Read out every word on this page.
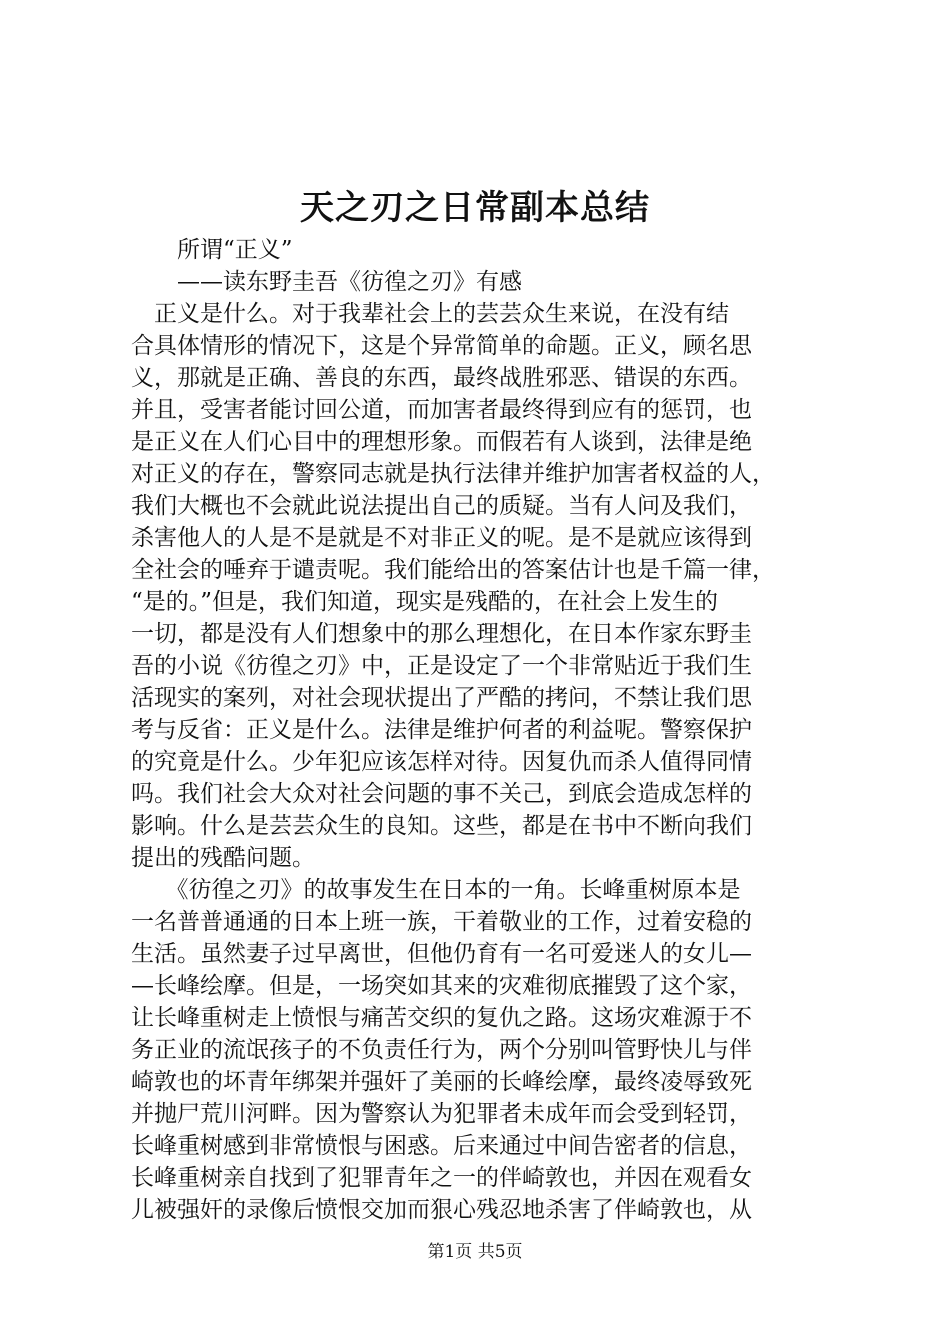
天之刃之日常副本总结
所谓“正义”
——读东野圭吾《彷徨之刃》有感
　正义是什么。对于我辈社会上的芸芸众生来说，在没有结
合具体情形的情况下，这是个异常简单的命题。正义，顾名思
义，那就是正确、善良的东西，最终战胜邪恶、错误的东西。
并且，受害者能讨回公道，而加害者最终得到应有的惩罚，也
是正义在人们心目中的理想形象。而假若有人谈到，法律是绝
对正义的存在，警察同志就是执行法律并维护加害者权益的人，
我们大概也不会就此说法提出自己的质疑。当有人问及我们，
杀害他人的人是不是就是不对非正义的呢。是不是就应该得到
全社会的唾弃于谴责呢。我们能给出的答案估计也是千篇一律，
“是的。”但是，我们知道，现实是残酷的，在社会上发生的
一切，都是没有人们想象中的那么理想化，在日本作家东野圭
吾的小说《彷徨之刃》中，正是设定了一个非常贴近于我们生
活现实的案列，对社会现状提出了严酷的拷问，不禁让我们思
考与反省：正义是什么。法律是维护何者的利益呢。警察保护
的究竟是什么。少年犯应该怎样对待。因复仇而杀人值得同情
吗。我们社会大众对社会问题的事不关己，到底会造成怎样的
影响。什么是芸芸众生的良知。这些，都是在书中不断向我们
提出的残酷问题。
　　《彷徨之刃》的故事发生在日本的一角。长峰重树原本是
一名普普通通的日本上班一族，干着敬业的工作，过着安稳的
生活。虽然妻子过早离世，但他仍育有一名可爱迷人的女儿—
—长峰绘摩。但是，一场突如其来的灾难彻底摧毁了这个家，
让长峰重树走上愤恨与痛苦交织的复仇之路。这场灾难源于不
务正业的流氓孩子的不负责任行为，两个分别叫管野快儿与伴
崎敦也的坏青年绑架并强奸了美丽的长峰绘摩，最终凌辱致死
并抛尸荒川河畔。因为警察认为犯罪者未成年而会受到轻罚，
长峰重树感到非常愤恨与困惑。后来通过中间告密者的信息，
长峰重树亲自找到了犯罪青年之一的伴崎敦也，并因在观看女
儿被强奸的录像后愤恨交加而狠心残忍地杀害了伴崎敦也，从
第1页 共5页
